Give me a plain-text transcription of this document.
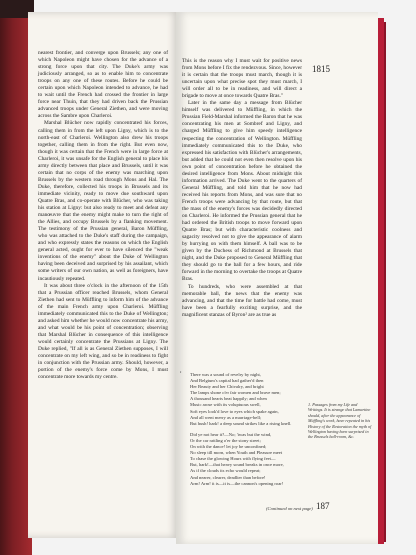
nearest frontier, and converge upon Brussels; any one of which Napoleon might have chosen for the advance of a strong force upon that city. The Duke's army was judiciously arranged, so as to enable him to concentrate troops on any one of these routes. Before he could be certain upon which Napoleon intended to advance, he had to wait until the French had crossed the frontier in large force near Thuin, that they had driven back the Prussian advanced troops under General Ziethen, and were moving across the Sambre upon Charleroi.

Marshal Blücher now rapidly concentrated his forces, calling them in from the left upon Ligny, which is to the north-east of Charleroi. Wellington also drew his troops together, calling them in from the right. But even now, though it was certain that the French were in large force at Charleroi, it was unsafe for the English general to place his army directly between that place and Brussels, until it was certain that no corps of the enemy was marching upon Brussels by the western road through Mons and Hal. The Duke, therefore, collected his troops in Brussels and its immediate vicinity, ready to move due southward upon Quatre Bras, and co-operate with Blücher, who was taking his station at Ligny: but also ready to meet and defeat any manœuvre that the enemy might make to turn the right of the Allies, and occupy Brussels by a flanking movement. The testimony of the Prussian general, Baron Müffling, who was attached to the Duke's staff during the campaign, and who expressly states the reasons on which the English general acted, ought for ever to have silenced the "weak inventions of the enemy" about the Duke of Wellington having been deceived and surprised by his assailant, which some writers of our own nation, as well as foreigners, have incautiously repeated.

It was about three o'clock in the afternoon of the 15th that a Prussian officer reached Brussels, whom General Ziethen had sent to Müffling to inform him of the advance of the main French army upon Charleroi. Müffling immediately communicated this to the Duke of Wellington; and asked him whether he would now concentrate his army, and what would be his point of concentration; observing that Marshal Blücher in consequence of this intelligence would certainly concentrate the Prussians at Ligny. The Duke replied, "If all is as General Ziethen supposes, I will concentrate on my left wing, and so be in readiness to fight in conjunction with the Prussian army. Should, however, a portion of the enemy's force come by Mons, I must concentrate more towards my centre.

1815

This is the reason why I must wait for positive news from Mons before I fix the rendezvous. Since, however it is certain that the troops must march, though it is uncertain upon what precise spot they must march, I will order all to be in readiness, and will direct a brigade to move at once towards Quatre Bras."

Later in the same day a message from Blücher himself was delivered to Müffling, in which the Prussian Field-Marshal informed the Baron that he was concentrating his men at Sombref and Ligny, and charged Müffling to give him speedy intelligence respecting the concentration of Wellington. Müffling immediately communicated this to the Duke, who expressed his satisfaction with Blücher's arrangements, but added that he could not even then resolve upon his own point of concentration before he obtained the desired intelligence from Mons. About midnight this information arrived. The Duke went to the quarters of General Müffling, and told him that he now had received his reports from Mons, and was sure that no French troops were advancing by that route, but that the mass of the enemy's forces was decidedly directed on Charleroi. He informed the Prussian general that he had ordered the British troops to move forward upon Quatre Bras; but with characteristic coolness and sagacity resolved not to give the appearance of alarm by hurrying on with them himself. A ball was to be given by the Duchess of Richmond at Brussels that night, and the Duke proposed to General Müffling that they should go to the ball for a few hours, and ride forward in the morning to overtake the troops at Quatre Bras.

To hundreds, who were assembled at that memorable ball, the news that the enemy was advancing, and that the time for battle had come, must have been a fearfully exciting surprise, and the magnificent stanzas of Byron² are as true as

² There was a sound of revelry by night,

And Belgium's capital had gather'd then

Her Beauty and her Chivalry, and bright

The lamps shone o'er fair women and brave men;

A thousand hearts beat happily; and when

Music arose with its voluptuous swell,

Soft eyes look'd love to eyes which spake again,

And all went merry as a marriage-bell;

But hush! hark! a deep sound strikes like a rising knell.

Did ye not hear it?—No; 'twas but the wind,

Or the car rattling o'er the stony street;

On with the dance! let joy be unconfined;

No sleep till morn, when Youth and Pleasure meet

To chase the glowing Hours with flying feet—

But, hark!—that heavy sound breaks in once more,

As if the clouds its echo would repeat;

And nearer, clearer, deadlier than before!

Arm! Arm! it is—it is—the cannon's opening roar!

1. Passages from my Life and Writings. It is strange that Lamartine should, after the appearance of Müffling's work, have repeated in his History of the Restoration the myth of Wellington having been surprised in the Brussels ball-room, &c.
(Continued on next page) 187
